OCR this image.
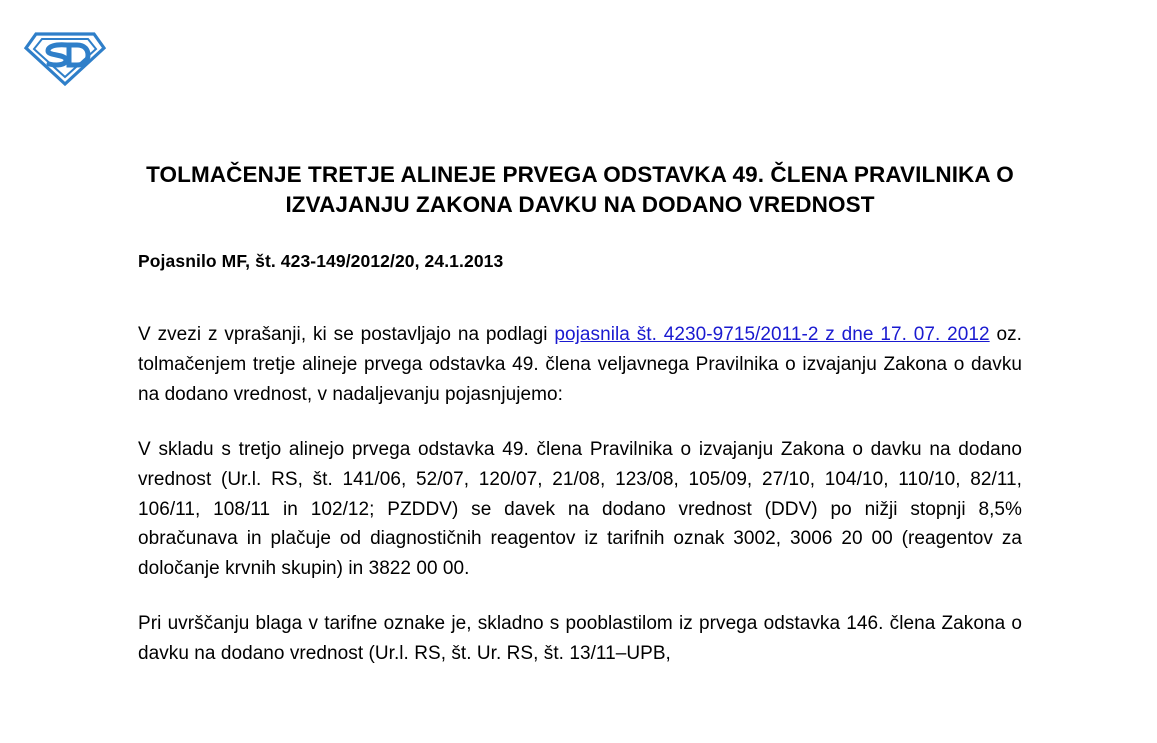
TOLMAČENJE TRETJE ALINEJE PRVEGA ODSTAVKA 49. ČLENA PRAVILNIKA O IZVAJANJU ZAKONA DAVKU NA DODANO VREDNOST
Pojasnilo MF, št. 423-149/2012/20, 24.1.2013

V zvezi z vprašanji, ki se postavljajo na podlagi pojasnila št. 4230-9715/2011-2 z dne 17. 07. 2012 oz. tolmačenjem tretje alineje prvega odstavka 49. člena veljavnega Pravilnika o izvajanju Zakona o davku na dodano vrednost, v nadaljevanju pojasnjujemo:

V skladu s tretjo alinejo prvega odstavka 49. člena Pravilnika o izvajanju Zakona o davku na dodano vrednost (Ur.l. RS, št. 141/06, 52/07, 120/07, 21/08, 123/08, 105/09, 27/10, 104/10, 110/10, 82/11, 106/11, 108/11 in 102/12; PZDDV) se davek na dodano vrednost (DDV) po nižji stopnji 8,5% obračunava in plačuje od diagnostičnih reagentov iz tarifnih oznak 3002, 3006 20 00 (reagentov za določanje krvnih skupin) in 3822 00 00.

Pri uvrščanju blaga v tarifne oznake je, skladno s pooblastilom iz prvega odstavka 146. člena Zakona o davku na dodano vrednost (Ur.l. RS, št. Ur. RS, št. 13/11–UPB,
